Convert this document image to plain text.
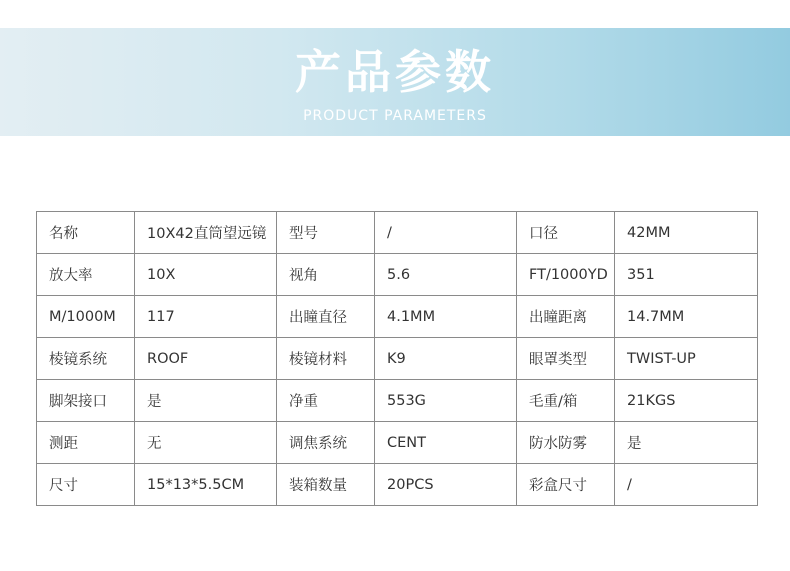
产品参数
PRODUCT PARAMETERS
名称	10X42直筒望远镜	型号	/	口径	42MM
放大率	10X	视角	5.6	FT/1000YD	351
M/1000M	117	出瞳直径	4.1MM	出瞳距离	14.7MM
棱镜系统	ROOF	棱镜材料	K9	眼罩类型	TWIST-UP
脚架接口	是	净重	553G	毛重/箱	21KGS
测距	无	调焦系统	CENT	防水防雾	是
尺寸	15*13*5.5CM	装箱数量	20PCS	彩盒尺寸	/
